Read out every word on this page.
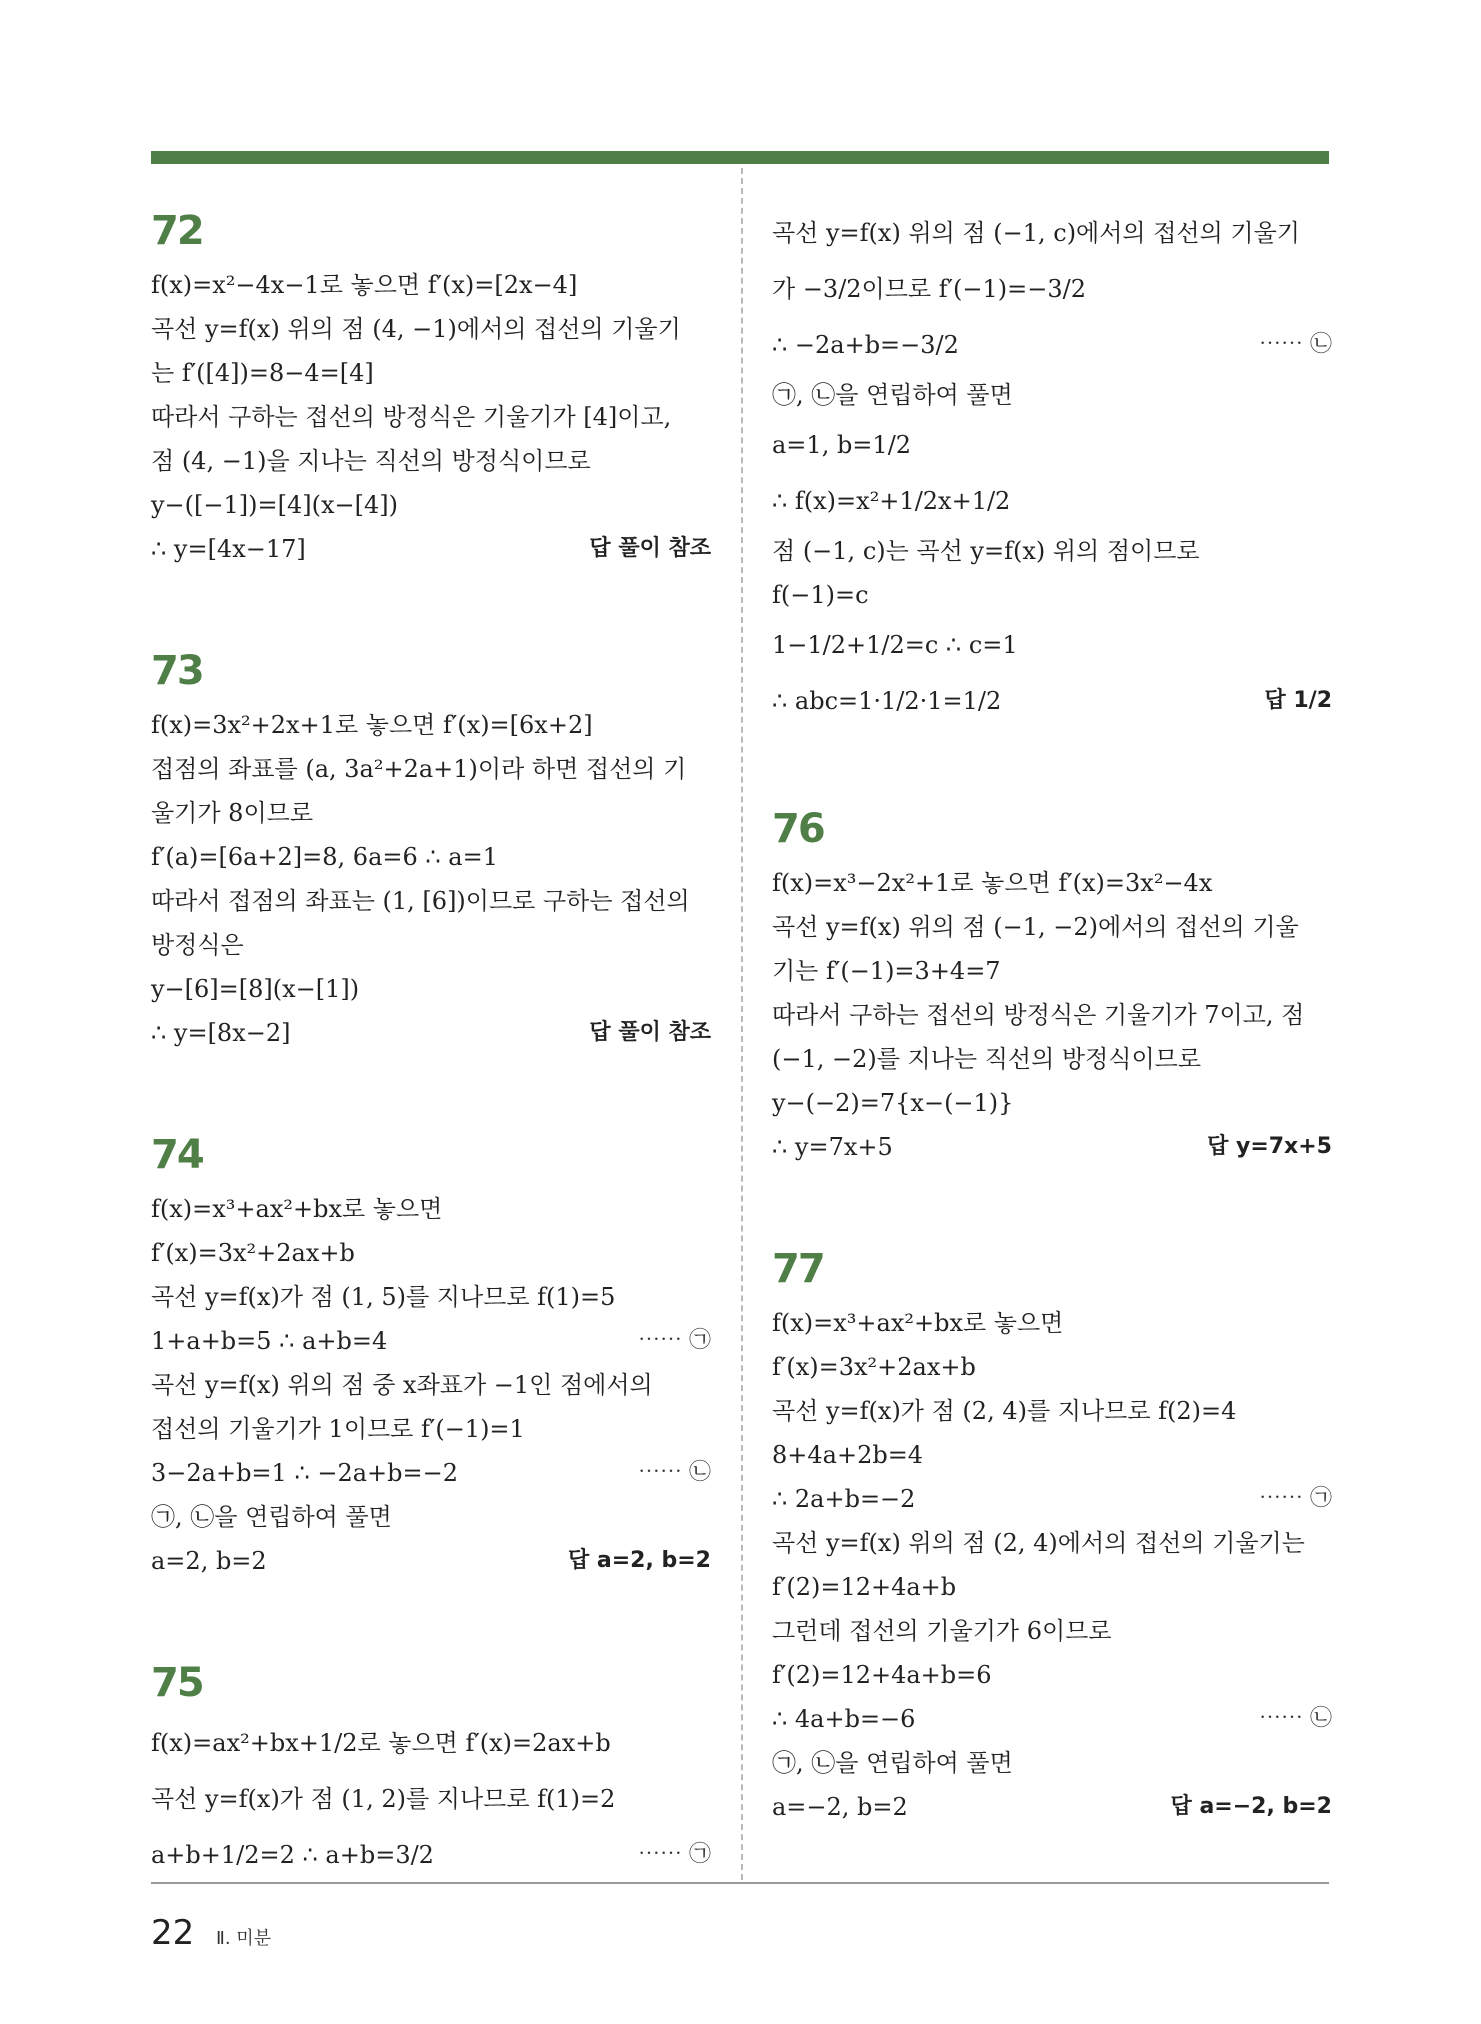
72
f(x)=x²−4x−1로 놓으면 f′(x)=[2x−4]
곡선 y=f(x) 위의 점 (4, −1)에서의 접선의 기울기
는 f′([4])=8−4=[4]
따라서 구하는 접선의 방정식은 기울기가 [4]이고,
점 (4, −1)을 지나는 직선의 방정식이므로
y−([−1])=[4](x−[4])
∴ y=[4x−17]	답 풀이 참조
73
f(x)=3x²+2x+1로 놓으면 f′(x)=[6x+2]
접점의 좌표를 (a, 3a²+2a+1)이라 하면 접선의 기
울기가 8이므로
f′(a)=[6a+2]=8, 6a=6 ∴ a=1
따라서 접점의 좌표는 (1, [6])이므로 구하는 접선의
방정식은
y−[6]=[8](x−[1])
∴ y=[8x−2]	답 풀이 참조
74
f(x)=x³+ax²+bx로 놓으면
f′(x)=3x²+2ax+b
곡선 y=f(x)가 점 (1, 5)를 지나므로 f(1)=5
1+a+b=5 ∴ a+b=4	⋯⋯ ㉠
곡선 y=f(x) 위의 점 중 x좌표가 −1인 점에서의
접선의 기울기가 1이므로 f′(−1)=1
3−2a+b=1 ∴ −2a+b=−2	⋯⋯ ㉡
㉠, ㉡을 연립하여 풀면
a=2, b=2	답 a=2, b=2
75
f(x)=ax²+bx+1/2로 놓으면 f′(x)=2ax+b
곡선 y=f(x)가 점 (1, 2)를 지나므로 f(1)=2
a+b+1/2=2 ∴ a+b=3/2	⋯⋯ ㉠
곡선 y=f(x) 위의 점 (−1, c)에서의 접선의 기울기
가 −3/2이므로 f′(−1)=−3/2
∴ −2a+b=−3/2	⋯⋯ ㉡
㉠, ㉡을 연립하여 풀면
a=1, b=1/2
∴ f(x)=x²+1/2x+1/2
점 (−1, c)는 곡선 y=f(x) 위의 점이므로
f(−1)=c
1−1/2+1/2=c ∴ c=1
∴ abc=1·1/2·1=1/2	답 1/2
76
f(x)=x³−2x²+1로 놓으면 f′(x)=3x²−4x
곡선 y=f(x) 위의 점 (−1, −2)에서의 접선의 기울
기는 f′(−1)=3+4=7
따라서 구하는 접선의 방정식은 기울기가 7이고, 점
(−1, −2)를 지나는 직선의 방정식이므로
y−(−2)=7{x−(−1)}
∴ y=7x+5	답 y=7x+5
77
f(x)=x³+ax²+bx로 놓으면
f′(x)=3x²+2ax+b
곡선 y=f(x)가 점 (2, 4)를 지나므로 f(2)=4
8+4a+2b=4
∴ 2a+b=−2	⋯⋯ ㉠
곡선 y=f(x) 위의 점 (2, 4)에서의 접선의 기울기는
f′(2)=12+4a+b
그런데 접선의 기울기가 6이므로
f′(2)=12+4a+b=6
∴ 4a+b=−6	⋯⋯ ㉡
㉠, ㉡을 연립하여 풀면
a=−2, b=2	답 a=−2, b=2
22 Ⅱ. 미분
